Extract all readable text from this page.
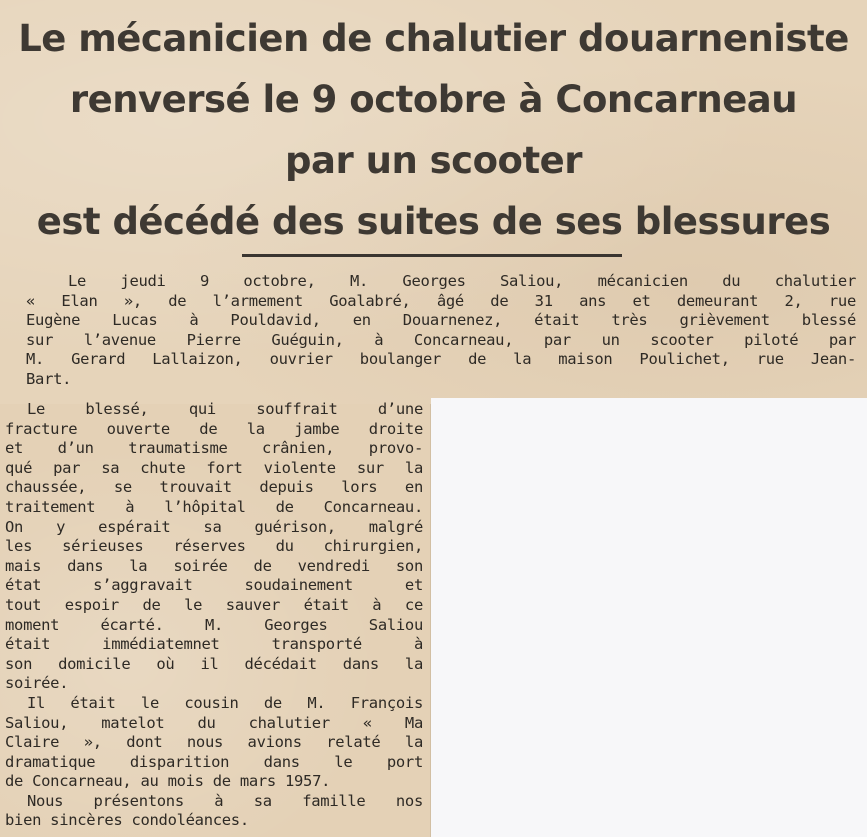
Le mécanicien de chalutier douarneniste
renversé le 9 octobre à Concarneau
par un scooter
est décédé des suites de ses blessures
Le jeudi 9 octobre, M. Georges Saliou, mécanicien du chalutier
« Elan », de l’armement Goalabré, âgé de 31 ans et demeurant 2, rue
Eugène Lucas à Pouldavid, en Douarnenez, était très grièvement blessé
sur l’avenue Pierre Guéguin, à Concarneau, par un scooter piloté par
M. Gerard Lallaizon, ouvrier boulanger de la maison Poulichet, rue Jean-
Bart.
Le blessé, qui souffrait d’une
fracture ouverte de la jambe droite
et d’un traumatisme crânien, provo-
qué par sa chute fort violente sur la
chaussée, se trouvait depuis lors en
traitement à l’hôpital de Concarneau.
On y espérait sa guérison, malgré
les sérieuses réserves du chirurgien,
mais dans la soirée de vendredi son
état s’aggravait soudainement et
tout espoir de le sauver était à ce
moment écarté. M. Georges Saliou
était immédiatemnet transporté à
son domicile où il décédait dans la
soirée.
Il était le cousin de M. François
Saliou, matelot du chalutier « Ma
Claire », dont nous avions relaté la
dramatique disparition dans le port
de Concarneau, au mois de mars 1957.
Nous présentons à sa famille nos
bien sincères condoléances.
